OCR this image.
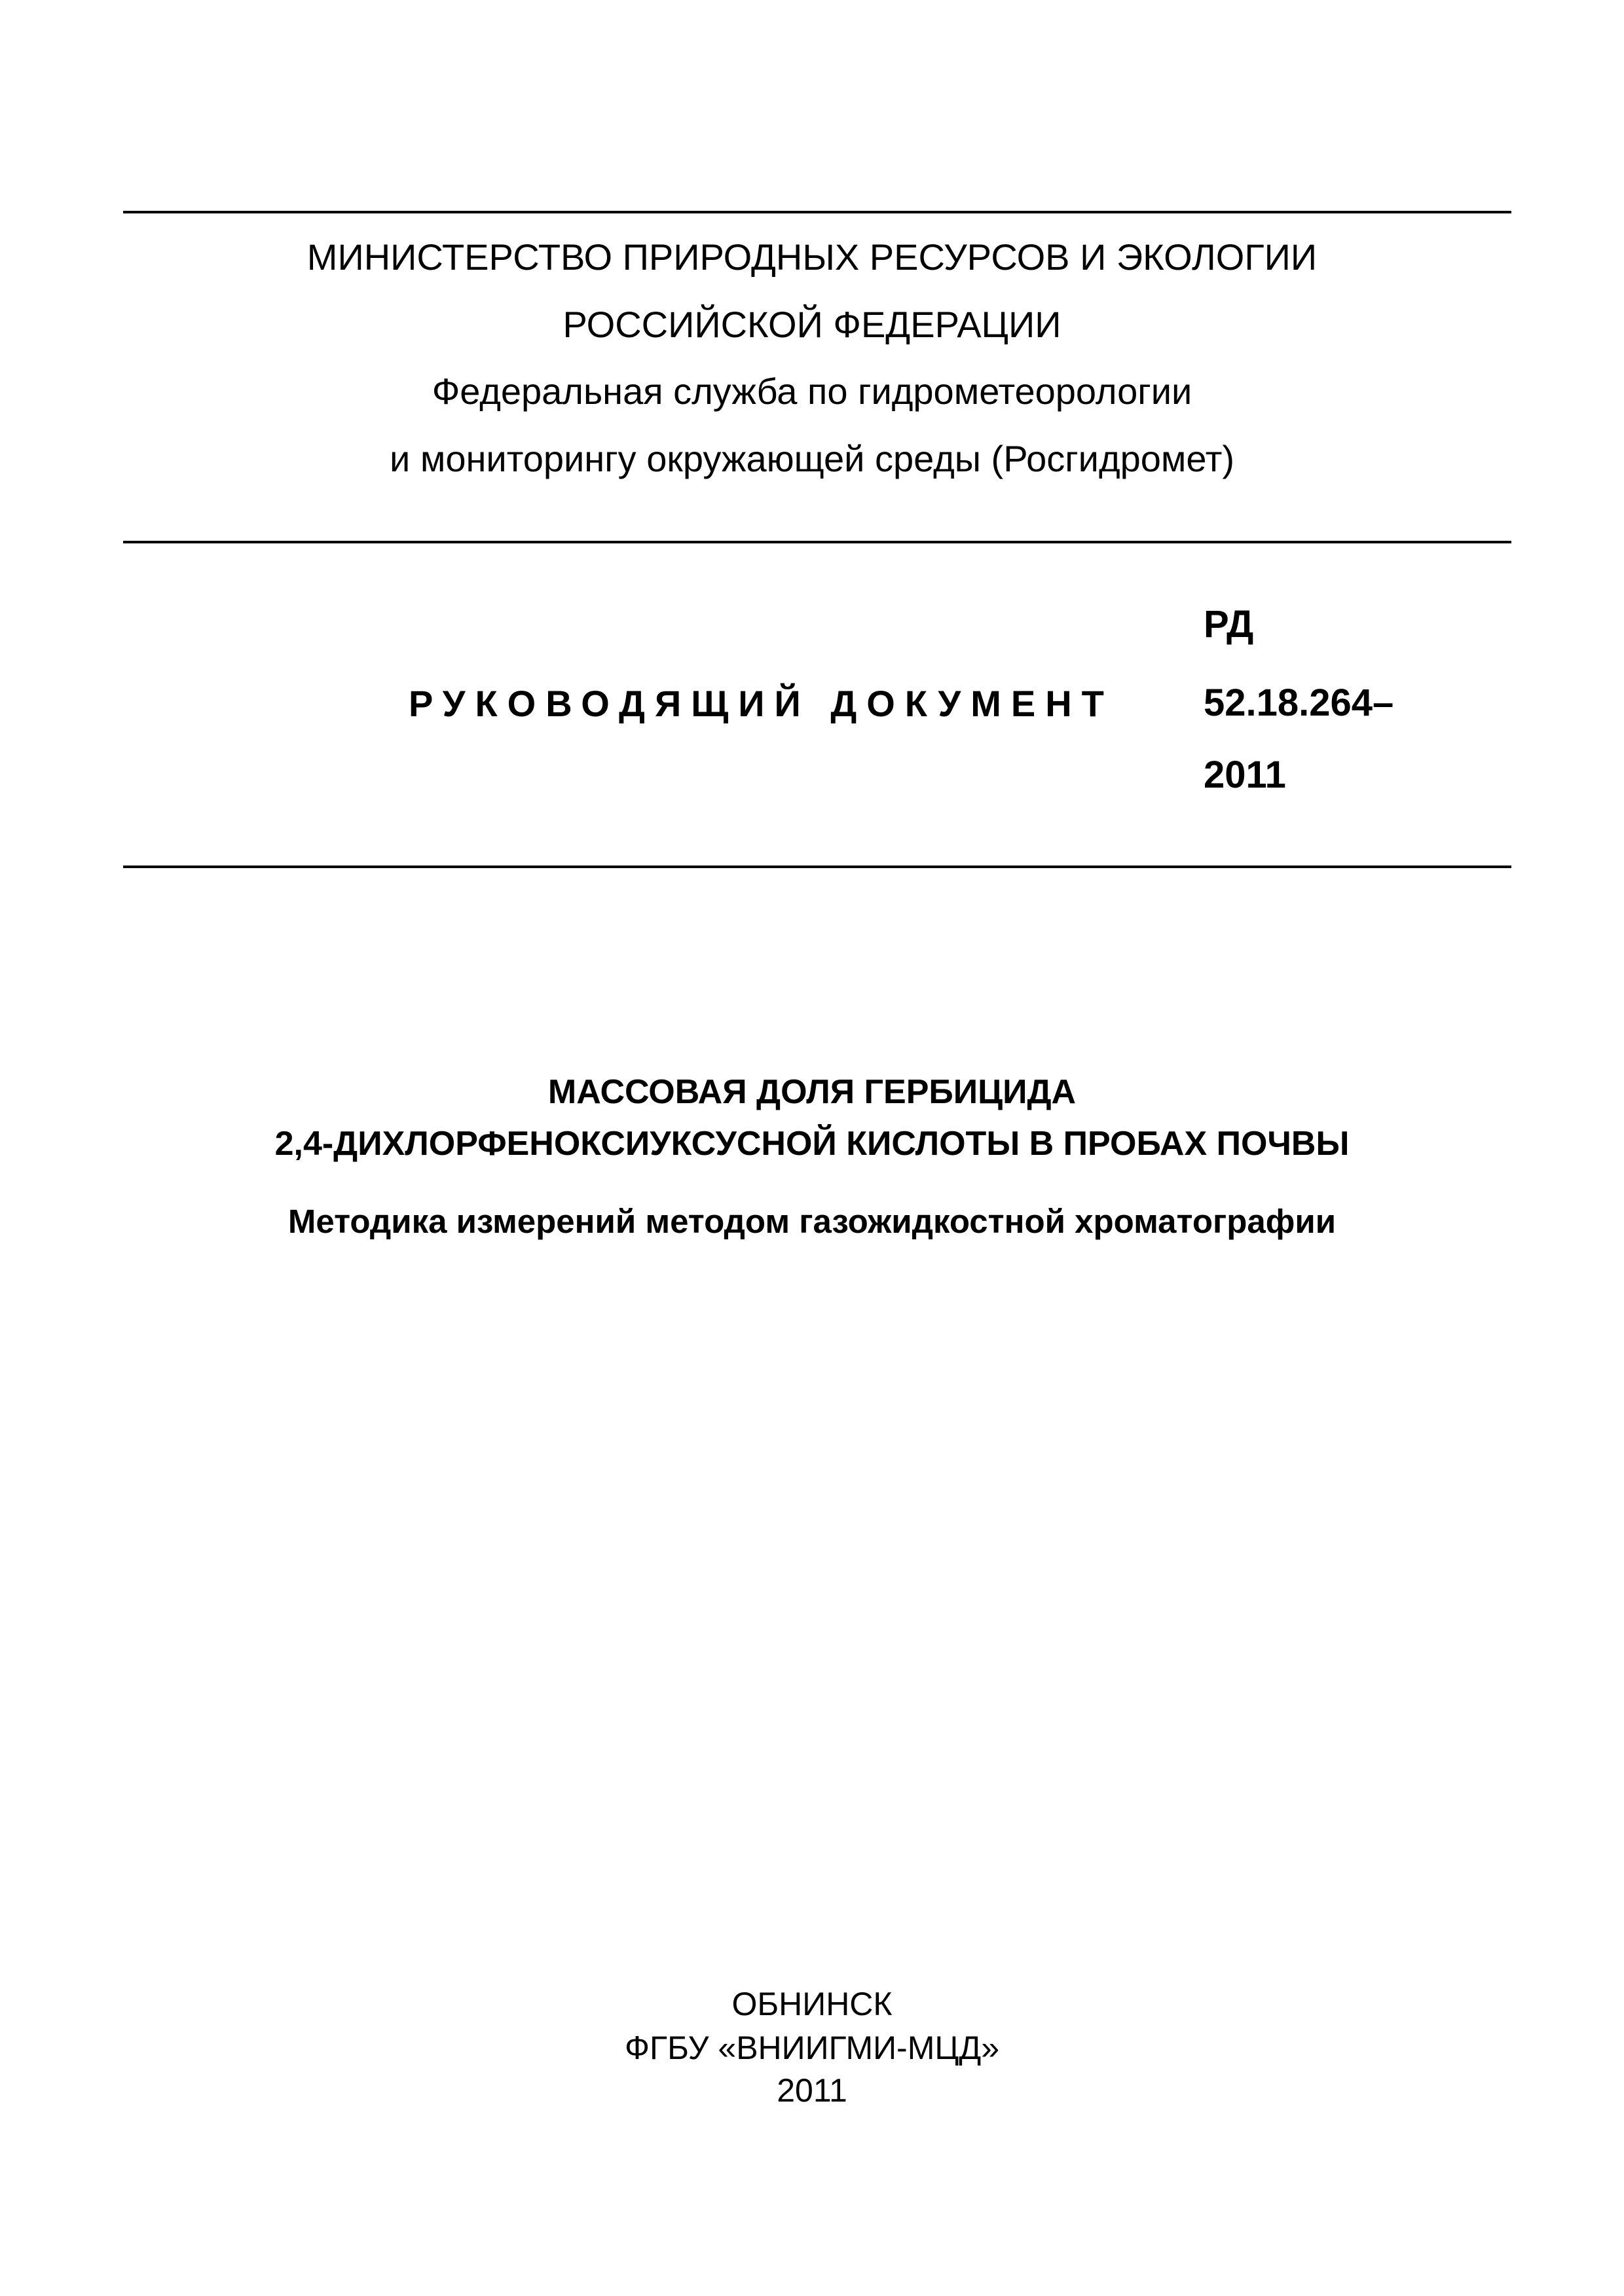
МИНИСТЕРСТВО ПРИРОДНЫХ РЕСУРСОВ И ЭКОЛОГИИ
РОССИЙСКОЙ ФЕДЕРАЦИИ
Федеральная служба по гидрометеорологии
и мониторингу окружающей среды (Росгидромет)
РУКОВОДЯЩИЙ ДОКУМЕНТ
РД
52.18.264–
2011
МАССОВАЯ ДОЛЯ ГЕРБИЦИДА
2,4-ДИХЛОРФЕНОКСИУКСУСНОЙ КИСЛОТЫ В ПРОБАХ ПОЧВЫ
Методика измерений методом газожидкостной хроматографии
ОБНИНСК
ФГБУ «ВНИИГМИ-МЦД»
2011
